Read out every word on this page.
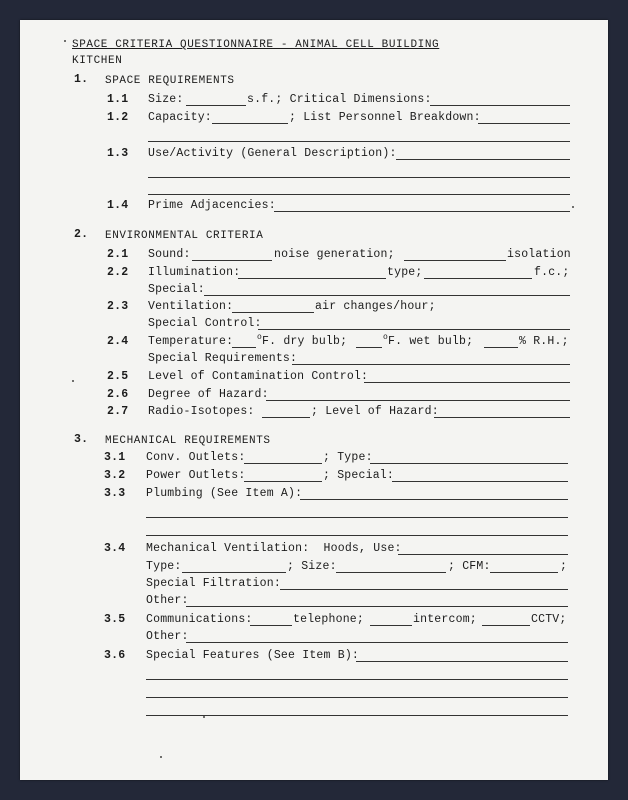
SPACE CRITERIA QUESTIONNAIRE - ANIMAL CELL BUILDING
KITCHEN
1. SPACE REQUIREMENTS
1.1 Size:	s.f.; Critical Dimensions:
1.2 Capacity:	; List Personnel Breakdown:
1.3 Use/Activity (General Description):
1.4 Prime Adjacencies:
2. ENVIRONMENTAL CRITERIA
2.1 Sound:	noise generation;	isolation
2.2 Illumination:	type;	f.c.;
Special:
2.3 Ventilation:	air changes/hour;
Special Control:
2.4 Temperature:	$^o$F. dry bulb;	$^o$F. wet bulb;	% R.H.;
Special Requirements:
2.5 Level of Contamination Control:
2.6 Degree of Hazard:
2.7 Radio-Isotopes:	; Level of Hazard:
3. MECHANICAL REQUIREMENTS
3.1 Conv. Outlets:	; Type:
3.2 Power Outlets:	; Special:
3.3 Plumbing (See Item A):
3.4 Mechanical Ventilation:  Hoods, Use:
Type:	; Size:	; CFM:	;
Special Filtration:
Other:
3.5 Communications:	telephone;	intercom;	CCTV;
Other:
3.6 Special Features (See Item B):
